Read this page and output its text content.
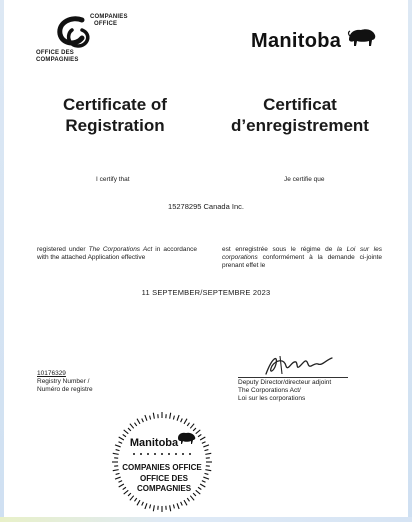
COMPANIES
OFFICE
OFFICE DES
COMPAGNIES
Manitoba
Certificate of
Registration
Certificat
d’enregistrement
I certify that	Je certifie que
15278295 Canada Inc.
registered under The Corporations Act in accordance with the attached Application effective
est enregistrée sous le régime de la Loi sur les corporations conformément à la demande ci-jointe prenant effet le
11 SEPTEMBER/SEPTEMBRE 2023
10176329
Registry Number /
Numéro de registre
Deputy Director/directeur adjoint
The Corporations Act/
Loi sur les corporations
Manitoba
COMPANIES OFFICE
OFFICE DES
COMPAGNIES
